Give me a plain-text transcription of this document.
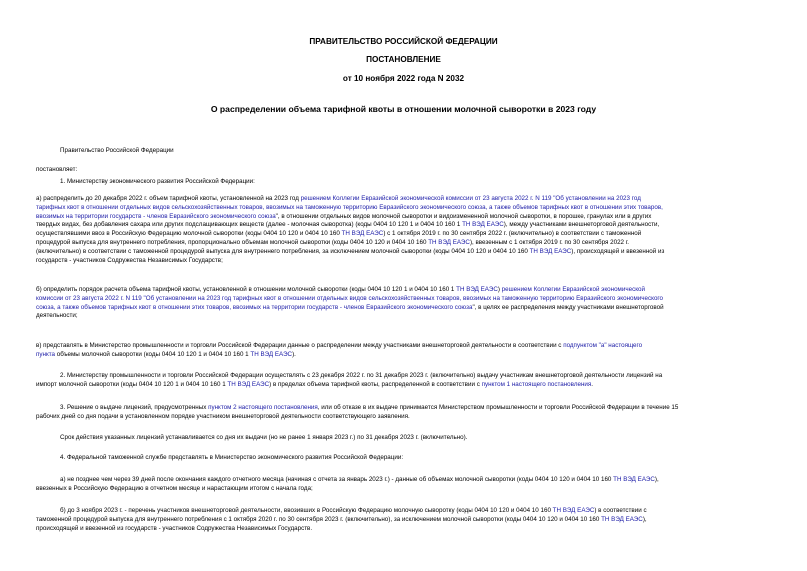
ПРАВИТЕЛЬСТВО РОССИЙСКОЙ ФЕДЕРАЦИИ
ПОСТАНОВЛЕНИЕ
от 10 ноября 2022 года N 2032
О распределении объема тарифной квоты в отношении молочной сыворотки в 2023 году
Правительство Российской Федерации
постановляет:
1. Министерству экономического развития Российской Федерации:
а) распределить до 20 декабря 2022 г. объем тарифной квоты, установленной на 2023 год решением Коллегии Евразийской экономической комиссии от 23 августа 2022 г. N 119 "Об установлении на 2023 год
тарифных квот в отношении отдельных видов сельскохозяйственных товаров, ввозимых на таможенную территорию Евразийского экономического союза, а также объемов тарифных квот в отношении этих товаров,
ввозимых на территории государств - членов Евразийского экономического союза", в отношении отдельных видов молочной сыворотки и видоизмененной молочной сыворотки, в порошке, гранулах или в других
твердых видах, без добавления сахара или других подслащивающих веществ (далее - молочная сыворотка) (коды 0404 10 120 1 и 0404 10 160 1 ТН ВЭД ЕАЭС), между участниками внешнеторговой деятельности,
осуществлявшими ввоз в Российскую Федерацию молочной сыворотки (коды 0404 10 120 и 0404 10 160 ТН ВЭД ЕАЭС) с 1 октября 2019 г. по 30 сентября 2022 г. (включительно) в соответствии с таможенной
процедурой выпуска для внутреннего потребления, пропорционально объемам молочной сыворотки (коды 0404 10 120 и 0404 10 160 ТН ВЭД ЕАЭС), ввезенным с 1 октября 2019 г. по 30 сентября 2022 г.
(включительно) в соответствии с таможенной процедурой выпуска для внутреннего потребления, за исключением молочной сыворотки (коды 0404 10 120 и 0404 10 160 ТН ВЭД ЕАЭС), происходящей и ввезенной из
государств - участников Содружества Независимых Государств;
б) определить порядок расчета объема тарифной квоты, установленной в отношении молочной сыворотки (коды 0404 10 120 1 и 0404 10 160 1 ТН ВЭД ЕАЭС) решением Коллегии Евразийской экономической
комиссии от 23 августа 2022 г. N 119 "Об установлении на 2023 год тарифных квот в отношении отдельных видов сельскохозяйственных товаров, ввозимых на таможенную территорию Евразийского экономического
союза, а также объемов тарифных квот в отношении этих товаров, ввозимых на территории государств - членов Евразийского экономического союза", в целях ее распределения между участниками внешнеторговой
деятельности;
в) представлять в Министерство промышленности и торговли Российской Федерации данные о распределении между участниками внешнеторговой деятельности в соответствии с подпунктом "а" настоящего
пункта объемы молочной сыворотки (коды 0404 10 120 1 и 0404 10 160 1 ТН ВЭД ЕАЭС).
2. Министерству промышленности и торговли Российской Федерации осуществлять с 23 декабря 2022 г. по 31 декабря 2023 г. (включительно) выдачу участникам внешнеторговой деятельности лицензий на
импорт молочной сыворотки (коды 0404 10 120 1 и 0404 10 160 1 ТН ВЭД ЕАЭС) в пределах объема тарифной квоты, распределенной в соответствии с пунктом 1 настоящего постановления.
3. Решение о выдаче лицензий, предусмотренных пунктом 2 настоящего постановления, или об отказе в их выдаче принимается Министерством промышленности и торговли Российской Федерации в течение 15
рабочих дней со дня подачи в установленном порядке участником внешнеторговой деятельности соответствующего заявления.
Срок действия указанных лицензий устанавливается со дня их выдачи (но не ранее 1 января 2023 г.) по 31 декабря 2023 г. (включительно).
4. Федеральной таможенной службе представлять в Министерство экономического развития Российской Федерации:
а) не позднее чем через 39 дней после окончания каждого отчетного месяца (начиная с отчета за январь 2023 г.) - данные об объемах молочной сыворотки (коды 0404 10 120 и 0404 10 160 ТН ВЭД ЕАЭС),
ввезенных в Российскую Федерацию в отчетном месяце и нарастающим итогом с начала года;
б) до 3 ноября 2023 г. - перечень участников внешнеторговой деятельности, ввозивших в Российскую Федерацию молочную сыворотку (коды 0404 10 120 и 0404 10 160 ТН ВЭД ЕАЭС) в соответствии с
таможенной процедурой выпуска для внутреннего потребления с 1 октября 2020 г. по 30 сентября 2023 г. (включительно), за исключением молочной сыворотки (коды 0404 10 120 и 0404 10 160 ТН ВЭД ЕАЭС),
происходящей и ввезенной из государств - участников Содружества Независимых Государств.
